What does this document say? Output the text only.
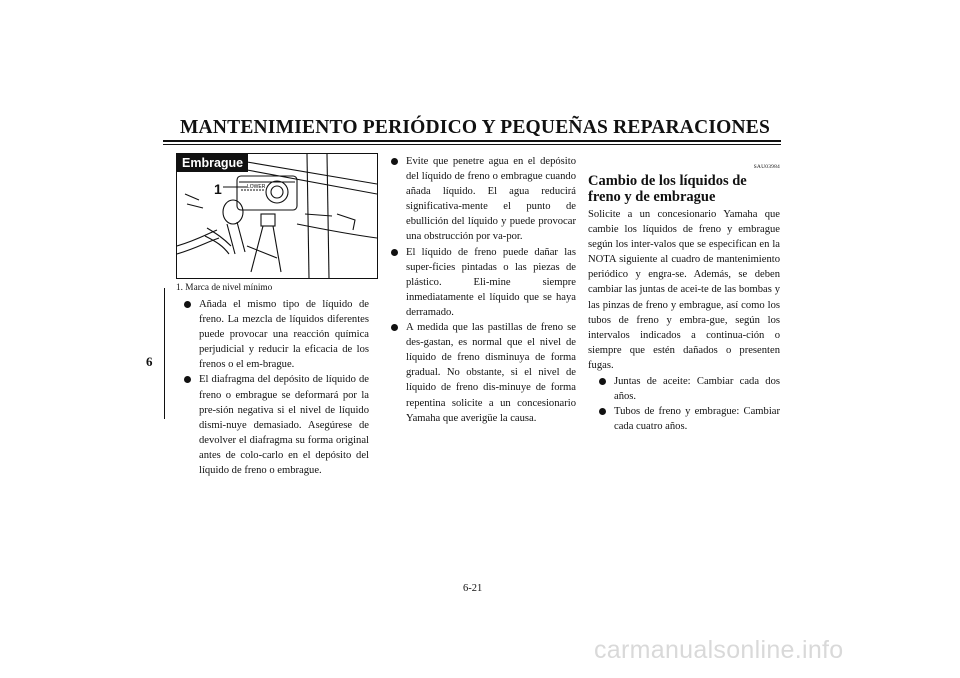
MANTENIMIENTO PERIÓDICO Y PEQUEÑAS REPARACIONES
6
LOWER
Embrague
1
1. Marca de nivel mínimo
Añada el mismo tipo de líquido de freno. La mezcla de líquidos diferentes puede provocar una reacción química perjudicial y reducir la eficacia de los frenos o el em-brague.
El diafragma del depósito de líquido de freno o embrague se deformará por la pre-sión negativa si el nivel de líquido dismi-nuye demasiado. Asegúrese de devolver el diafragma su forma original antes de colo-carlo en el depósito del líquido de freno o embrague.
Evite que penetre agua en el depósito del líquido de freno o embrague cuando añada líquido. El agua reducirá significativa-mente el punto de ebullición del líquido y puede provocar una obstrucción por va-por.
El líquido de freno puede dañar las super-ficies pintadas o las piezas de plástico. Eli-mine siempre inmediatamente el líquido que se haya derramado.
A medida que las pastillas de freno se des-gastan, es normal que el nivel de líquido de freno disminuya de forma gradual. No obstante, si el nivel de líquido de freno dis-minuye de forma repentina solicite a un concesionario Yamaha que averigüe la causa.
SAU03984
Cambio de los líquidos de freno y de embrague
Solicite a un concesionario Yamaha que cambie los líquidos de freno y embrague según los inter-valos que se especifican en la NOTA siguiente al cuadro de mantenimiento periódico y engra-se. Además, se deben cambiar las juntas de acei-te de las bombas y las pinzas de freno y embrague, así como los tubos de freno y embra-gue, según los intervalos indicados a continua-ción o siempre que estén dañados o presenten fugas.
Juntas de aceite: Cambiar cada dos años.
Tubos de freno y embrague: Cambiar cada cuatro años.
6-21
carmanualsonline.info
